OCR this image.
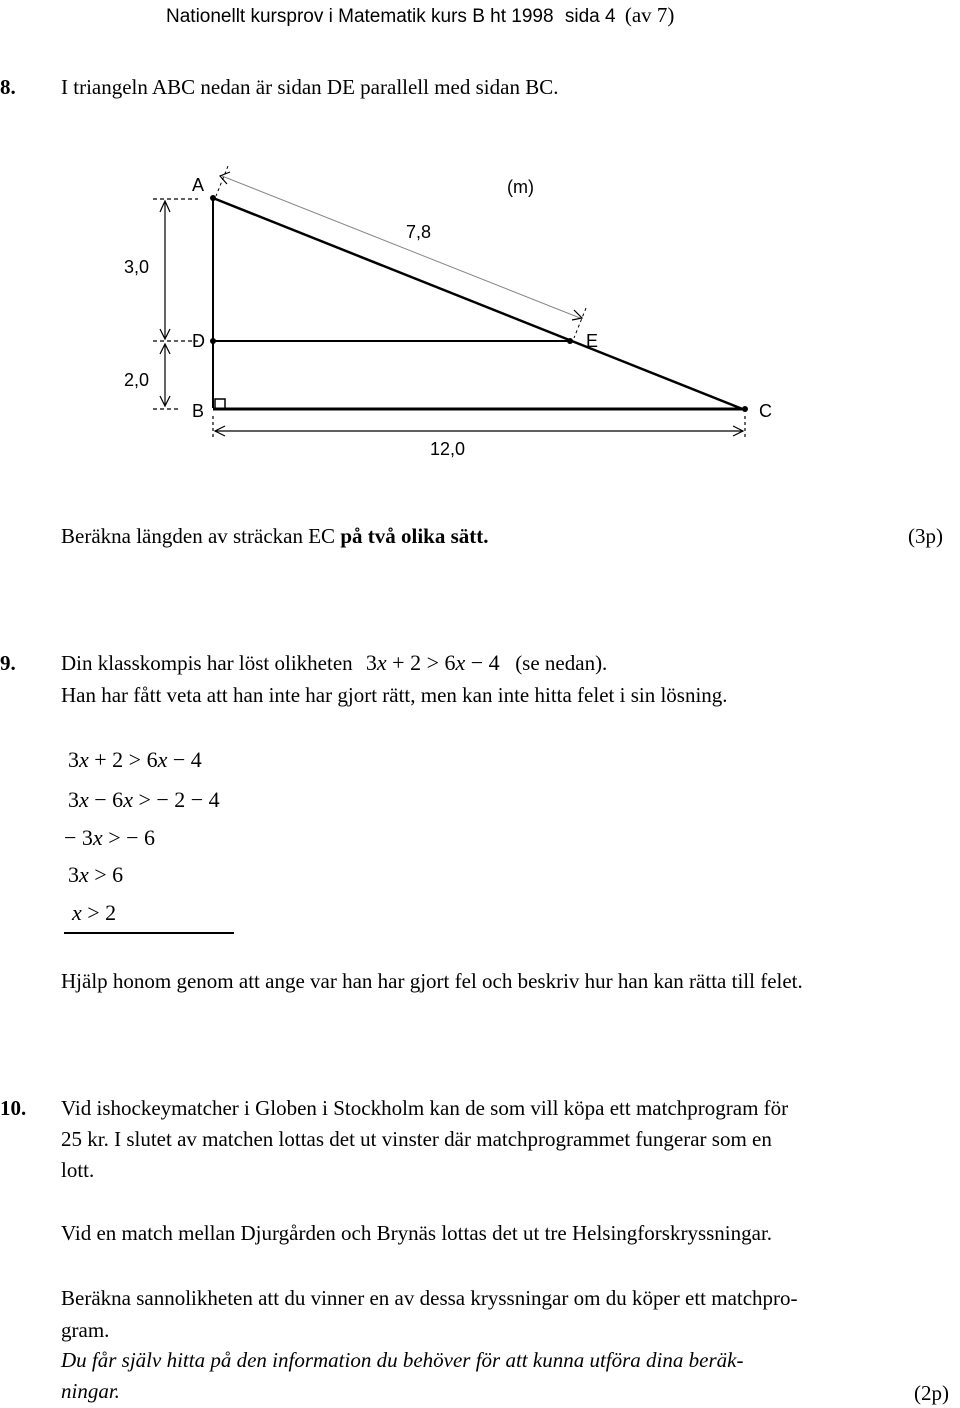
Nationellt kursprov i Matematik kurs B ht 1998 sida 4 (av 7)
8. I triangeln ABC nedan är sidan DE parallell med sidan BC.
A	(m)
7,8
3,0
D	E
2,0
B	C
12,0
Beräkna längden av sträckan EC på två olika sätt.	(3p)
9. Din klasskompis har löst olikheten 3x + 2 > 6x − 4 (se nedan).
Han har fått veta att han inte har gjort rätt, men kan inte hitta felet i sin lösning.
3x + 2 > 6x − 4
3x − 6x > − 2 − 4
− 3x > − 6
3x > 6
x > 2
Hjälp honom genom att ange var han har gjort fel och beskriv hur han kan rätta till felet.
10. Vid ishockeymatcher i Globen i Stockholm kan de som vill köpa ett matchprogram för
25 kr. I slutet av matchen lottas det ut vinster där matchprogrammet fungerar som en
lott.
Vid en match mellan Djurgården och Brynäs lottas det ut tre Helsingforskryssningar.
Beräkna sannolikheten att du vinner en av dessa kryssningar om du köper ett matchpro-
gram.
Du får själv hitta på den information du behöver för att kunna utföra dina beräk-
ningar.	(2p)
